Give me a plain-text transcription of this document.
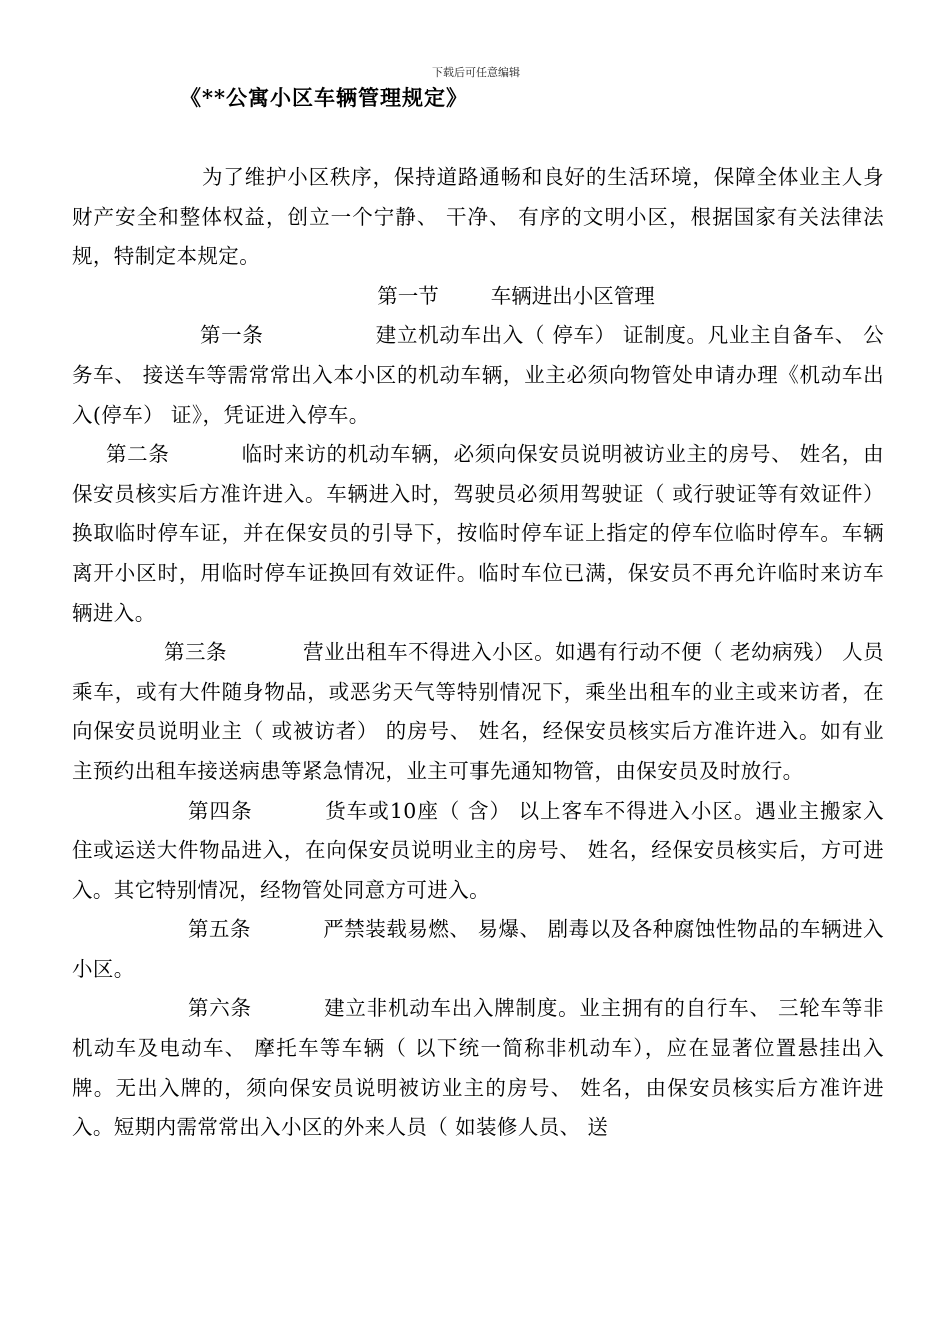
下载后可任意编辑
《**公寓小区车辆管理规定》

为了维护小区秩序，保持道路通畅和良好的生活环境，保障全体业主人身财产安全和整体权益，创立一个宁静、 干净、 有序的文明小区，根据国家有关法律法规，特制定本规定。

第一节	车辆进出小区管理

第一条	建立机动车出入（ 停车） 证制度。凡业主自备车、 公务车、 接送车等需常常出入本小区的机动车辆，业主必须向物管处申请办理《机动车出入(停车） 证》，凭证进入停车。

第二条	临时来访的机动车辆，必须向保安员说明被访业主的房号、 姓名，由保安员核实后方准许进入。车辆进入时，驾驶员必须用驾驶证（ 或行驶证等有效证件） 换取临时停车证，并在保安员的引导下，按临时停车证上指定的停车位临时停车。车辆离开小区时，用临时停车证换回有效证件。临时车位已满，保安员不再允许临时来访车辆进入。

第三条	营业出租车不得进入小区。如遇有行动不便（ 老幼病残） 人员乘车，或有大件随身物品，或恶劣天气等特别情况下，乘坐出租车的业主或来访者，在向保安员说明业主（ 或被访者） 的房号、 姓名，经保安员核实后方准许进入。如有业主预约出租车接送病患等紧急情况，业主可事先通知物管，由保安员及时放行。

第四条	货车或10座（ 含） 以上客车不得进入小区。遇业主搬家入住或运送大件物品进入，在向保安员说明业主的房号、 姓名，经保安员核实后，方可进入。其它特别情况，经物管处同意方可进入。

第五条	严禁装载易燃、 易爆、 剧毒以及各种腐蚀性物品的车辆进入小区。

第六条	建立非机动车出入牌制度。业主拥有的自行车、 三轮车等非机动车及电动车、 摩托车等车辆（ 以下统一简称非机动车），应在显著位置悬挂出入牌。无出入牌的，须向保安员说明被访业主的房号、 姓名，由保安员核实后方准许进入。短期内需常常出入小区的外来人员（ 如装修人员、 送
